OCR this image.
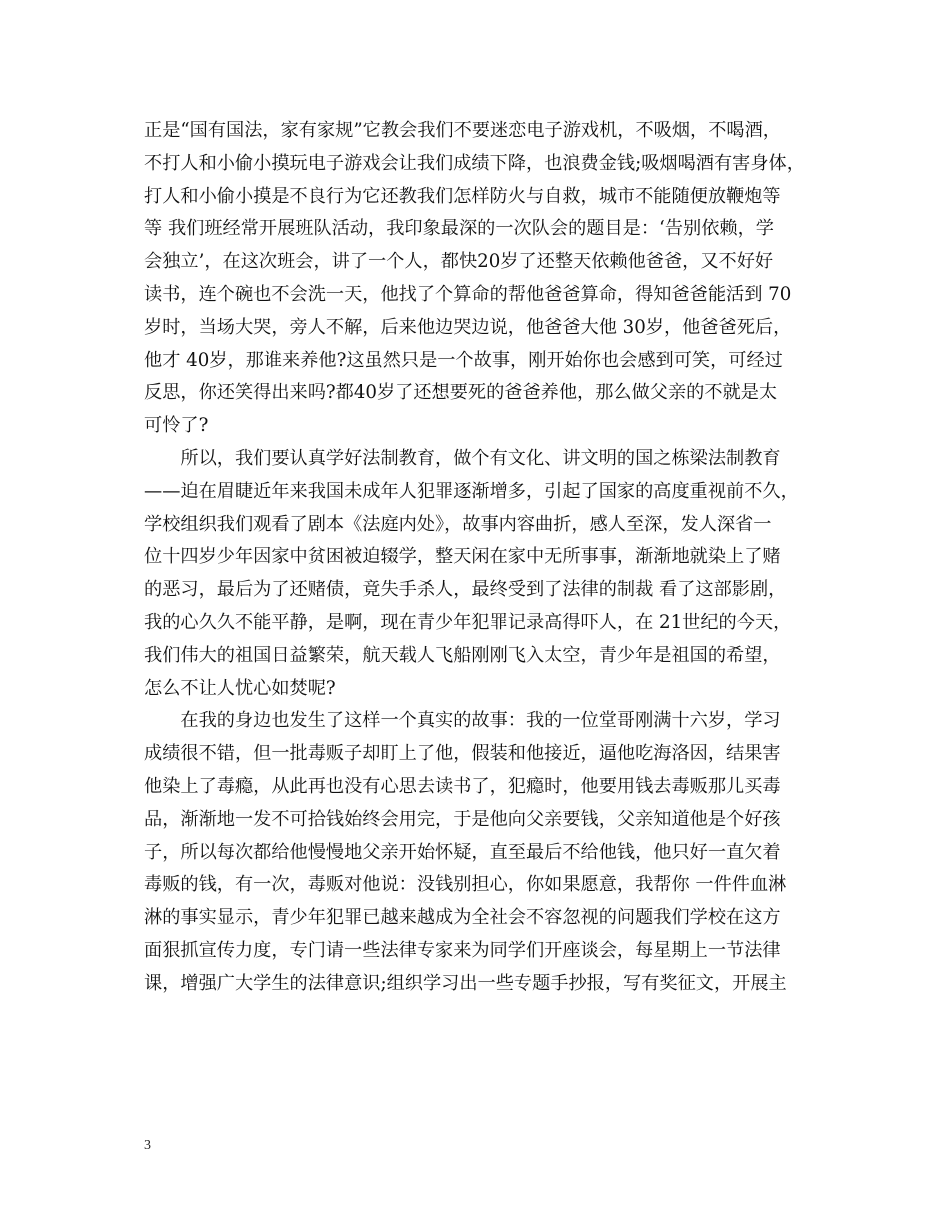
正是“国有国法，家有家规”它教会我们不要迷恋电子游戏机，不吸烟，不喝酒，
不打人和小偷小摸玩电子游戏会让我们成绩下降，也浪费金钱;吸烟喝酒有害身体，
打人和小偷小摸是不良行为它还教我们怎样防火与自救，城市不能随便放鞭炮等
等 我们班经常开展班队活动，我印象最深的一次队会的题目是：‘告别依赖，学
会独立’，在这次班会，讲了一个人，都快20岁了还整天依赖他爸爸，又不好好
读书，连个碗也不会洗一天，他找了个算命的帮他爸爸算命，得知爸爸能活到 70
岁时，当场大哭，旁人不解，后来他边哭边说，他爸爸大他 30岁，他爸爸死后，
他才 40岁，那谁来养他?这虽然只是一个故事，刚开始你也会感到可笑，可经过
反思，你还笑得出来吗?都40岁了还想要死的爸爸养他，那么做父亲的不就是太
可怜了?
　　所以，我们要认真学好法制教育，做个有文化、讲文明的国之栋梁法制教育
——迫在眉睫近年来我国未成年人犯罪逐渐增多，引起了国家的高度重视前不久，
学校组织我们观看了剧本《法庭内处》，故事内容曲折，感人至深，发人深省一
位十四岁少年因家中贫困被迫辍学，整天闲在家中无所事事，渐渐地就染上了赌
的恶习，最后为了还赌债，竟失手杀人，最终受到了法律的制裁 看了这部影剧，
我的心久久不能平静，是啊，现在青少年犯罪记录高得吓人，在 21世纪的今天，
我们伟大的祖国日益繁荣，航天载人飞船刚刚飞入太空，青少年是祖国的希望，
怎么不让人忧心如焚呢?
　　在我的身边也发生了这样一个真实的故事：我的一位堂哥刚满十六岁，学习
成绩很不错，但一批毒贩子却盯上了他，假装和他接近，逼他吃海洛因，结果害
他染上了毒瘾，从此再也没有心思去读书了，犯瘾时，他要用钱去毒贩那儿买毒
品，渐渐地一发不可拾钱始终会用完，于是他向父亲要钱，父亲知道他是个好孩
子，所以每次都给他慢慢地父亲开始怀疑，直至最后不给他钱，他只好一直欠着
毒贩的钱，有一次，毒贩对他说：没钱别担心，你如果愿意，我帮你 一件件血淋
淋的事实显示，青少年犯罪已越来越成为全社会不容忽视的问题我们学校在这方
面狠抓宣传力度，专门请一些法律专家来为同学们开座谈会，每星期上一节法律
课，增强广大学生的法律意识;组织学习出一些专题手抄报，写有奖征文，开展主
3
